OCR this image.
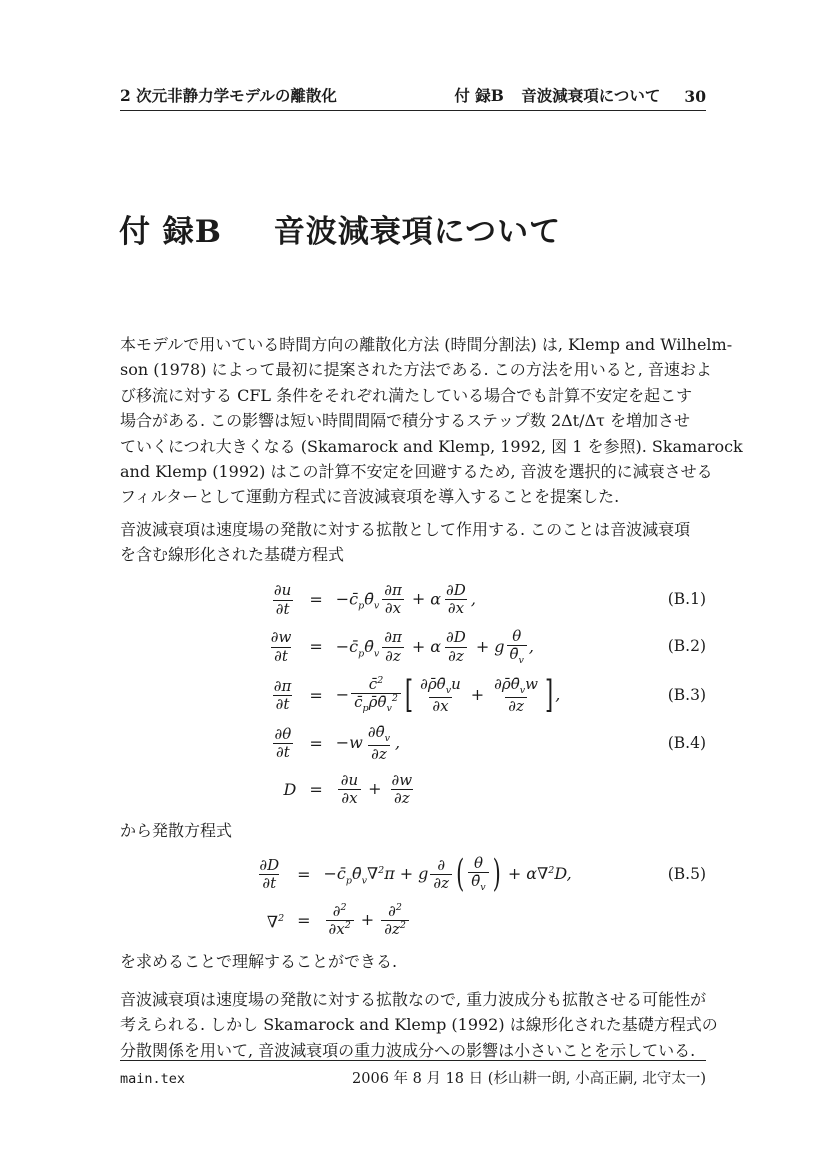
2 次元非静力学モデルの離散化	付 録B 音波減衰項について 30
付 録B 音波減衰項について
本モデルで用いている時間方向の離散化方法 (時間分割法) は, Klemp and Wilhelm-
son (1978) によって最初に提案された方法である. この方法を用いると, 音速およ
び移流に対する CFL 条件をそれぞれ満たしている場合でも計算不安定を起こす
場合がある. この影響は短い時間間隔で積分するステップ数 2Δt/Δτ を増加させ
ていくにつれ大きくなる (Skamarock and Klemp, 1992, 図 1 を参照). Skamarock
and Klemp (1992) はこの計算不安定を回避するため, 音波を選択的に減衰させる
フィルターとして運動方程式に音波減衰項を導入することを提案した.
音波減衰項は速度場の発散に対する拡散として作用する. このことは音波減衰項
を含む線形化された基礎方程式
$\frac{\partial u}{\partial t}$ = $-c̄_p\thetā_v \frac{\partial\pi}{\partial x} + \alpha \frac{\partial D}{\partial x}$ ,	(B.1)
$\frac{\partial w}{\partial t}$ = $-c̄_p\thetā_v \frac{\partial\pi}{\partial z} + \alpha \frac{\partial D}{\partial z} + g \frac{\theta}{\thetā_v}$ ,	(B.2)
$\frac{\partial\pi}{\partial t}$ = − $\frac{c̄^2}{c̄_p\rhō\thetā_v^2}$ [ $\frac{\partial\rhō\thetā_vu}{\partial x} + \frac{\partial\rhō\thetā_vw}{\partial z}$ ] ,	(B.3)
$\frac{\partial\theta}{\partial t} = -w \frac{\partial\thetā_v}{\partial z}$ ,	(B.4)
D =	$\frac{\partial u}{\partial x} + \frac{\partial w}{\partial z}$
から発散方程式
$\frac{\partial D}{\partial t}$ = $-c̄_p\thetā_v\nabla^2\pi + g \frac{\partial}{\partial z}$ ( $\frac{\theta}{\thetā_v}$ ) + α∇$^2$D,	(B.5)
∇$^2$ =	$\frac{\partial^2}{\partial x^2} + \frac{\partial^2}{\partial z^2}$
を求めることで理解することができる.
音波減衰項は速度場の発散に対する拡散なので, 重力波成分も拡散させる可能性が
考えられる. しかし Skamarock and Klemp (1992) は線形化された基礎方程式の
分散関係を用いて, 音波減衰項の重力波成分への影響は小さいことを示している.
main.tex	2006 年 8 月 18 日 (杉山耕一朗, 小高正嗣, 北守太一)
